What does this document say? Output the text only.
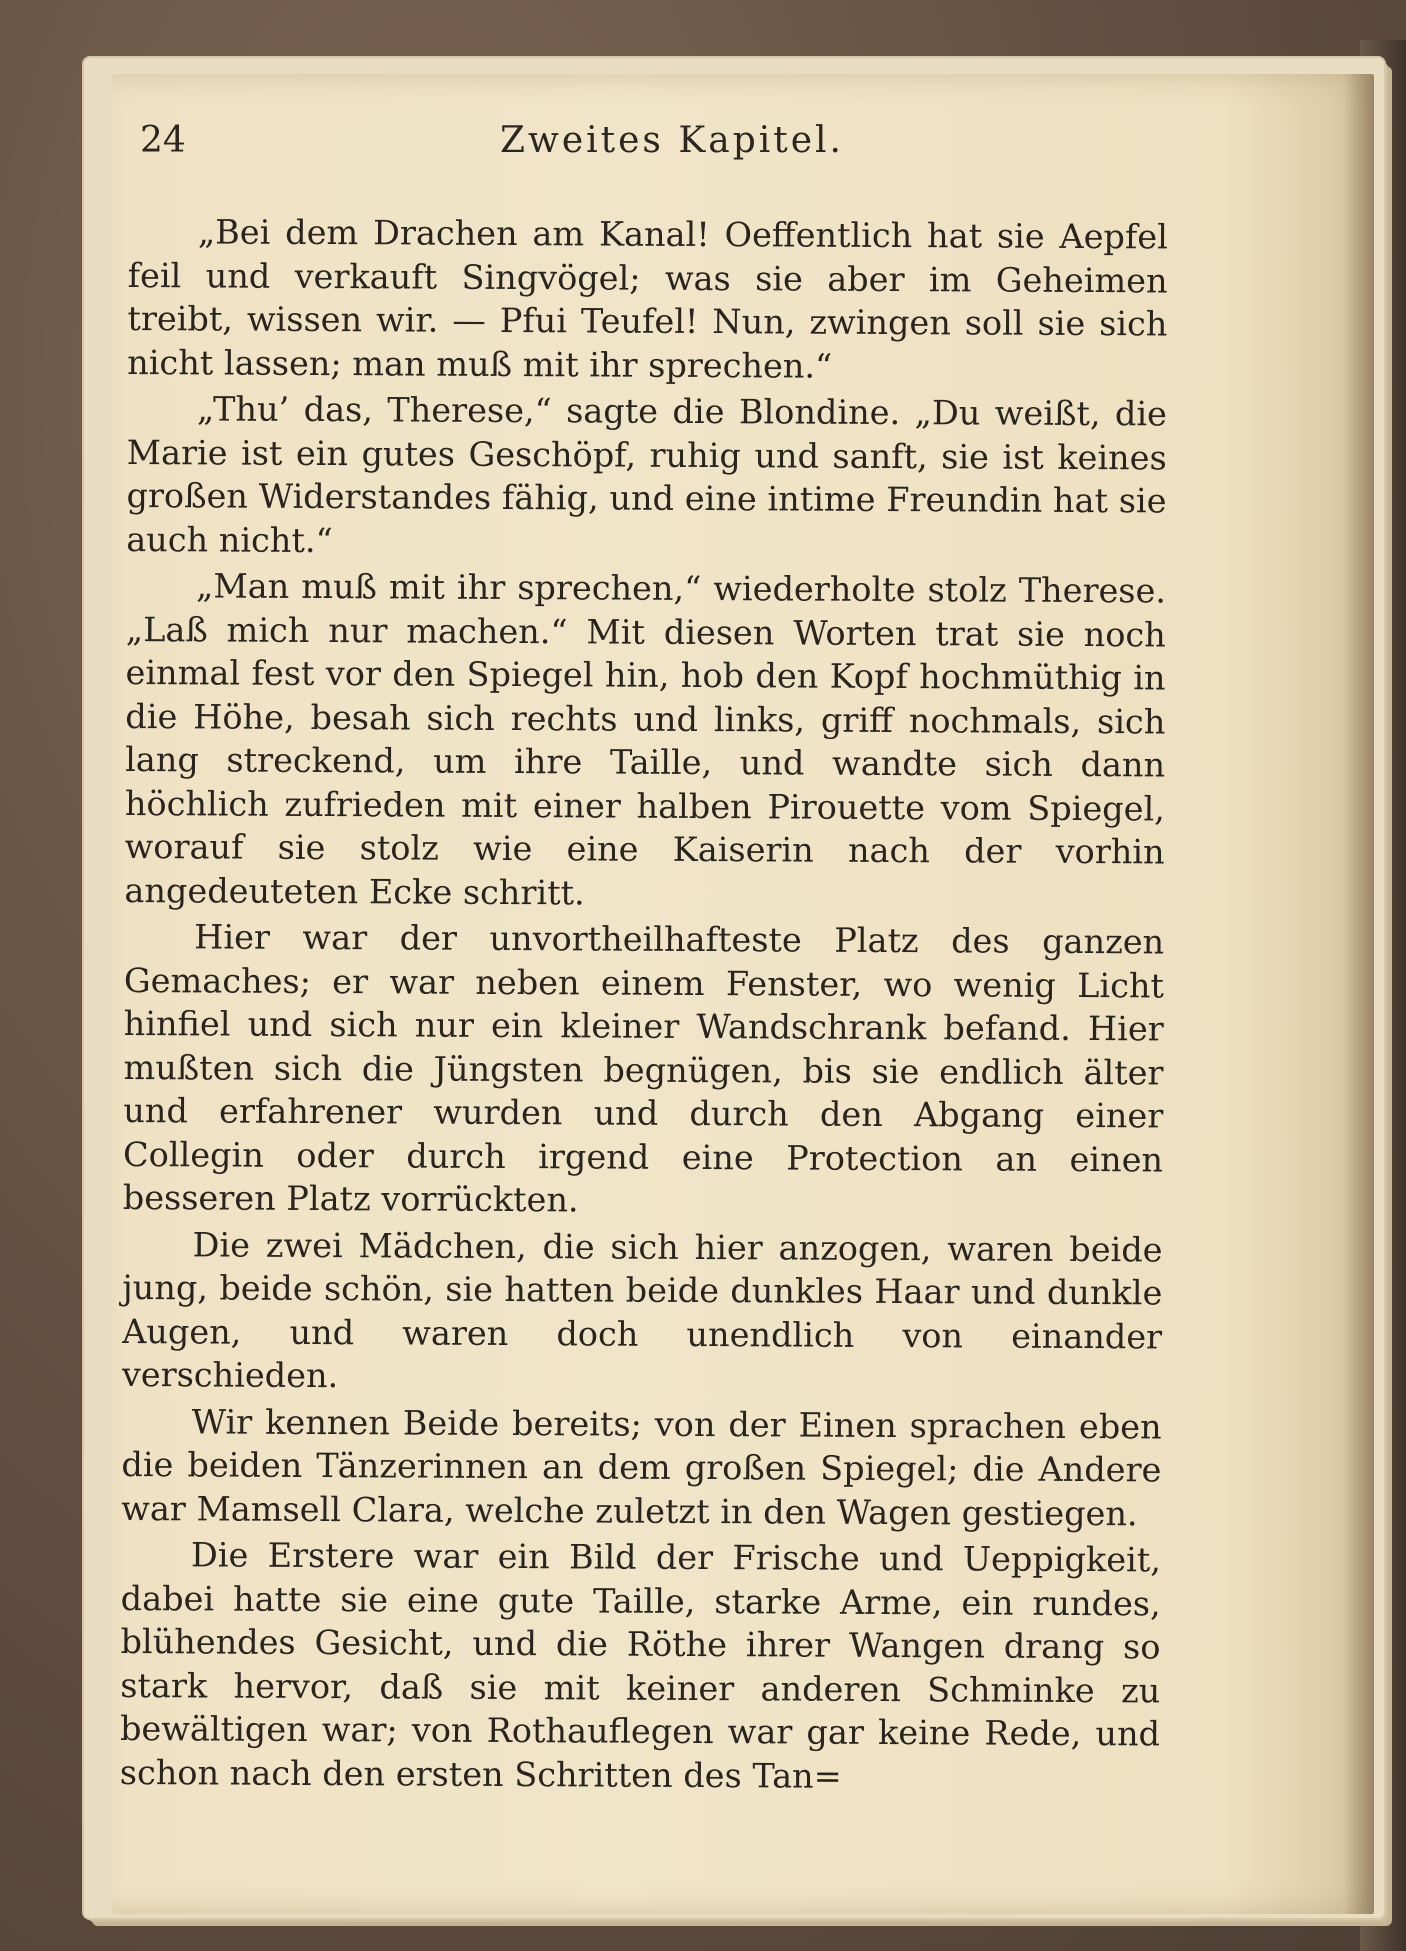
24	Zweites Kapitel.

„Bei dem Drachen am Kanal! Oeffentlich hat sie Aepfel feil und verkauft Singvögel; was sie aber im Geheimen treibt, wissen wir. — Pfui Teufel! Nun, zwingen soll sie sich nicht lassen; man muß mit ihr sprechen.“

„Thu’ das, Therese,“ sagte die Blondine. „Du weißt, die Marie ist ein gutes Geschöpf, ruhig und sanft, sie ist keines großen Widerstandes fähig, und eine intime Freundin hat sie auch nicht.“

„Man muß mit ihr sprechen,“ wiederholte stolz Therese. „Laß mich nur machen.“ Mit diesen Worten trat sie noch einmal fest vor den Spiegel hin, hob den Kopf hochmüthig in die Höhe, besah sich rechts und links, griff nochmals, sich lang streckend, um ihre Taille, und wandte sich dann höchlich zufrieden mit einer halben Pirouette vom Spiegel, worauf sie stolz wie eine Kaiserin nach der vorhin angedeuteten Ecke schritt.

Hier war der unvortheilhafteste Platz des ganzen Gemaches; er war neben einem Fenster, wo wenig Licht hinfiel und sich nur ein kleiner Wandschrank befand. Hier mußten sich die Jüngsten begnügen, bis sie endlich älter und erfahrener wurden und durch den Abgang einer Collegin oder durch irgend eine Protection an einen besseren Platz vorrückten.

Die zwei Mädchen, die sich hier anzogen, waren beide jung, beide schön, sie hatten beide dunkles Haar und dunkle Augen, und waren doch unendlich von einander verschieden.

Wir kennen Beide bereits; von der Einen sprachen eben die beiden Tänzerinnen an dem großen Spiegel; die Andere war Mamsell Clara, welche zuletzt in den Wagen gestiegen.

Die Erstere war ein Bild der Frische und Ueppigkeit, dabei hatte sie eine gute Taille, starke Arme, ein rundes, blühendes Gesicht, und die Röthe ihrer Wangen drang so stark hervor, daß sie mit keiner anderen Schminke zu bewältigen war; von Rothauflegen war gar keine Rede, und schon nach den ersten Schritten des Tan=
